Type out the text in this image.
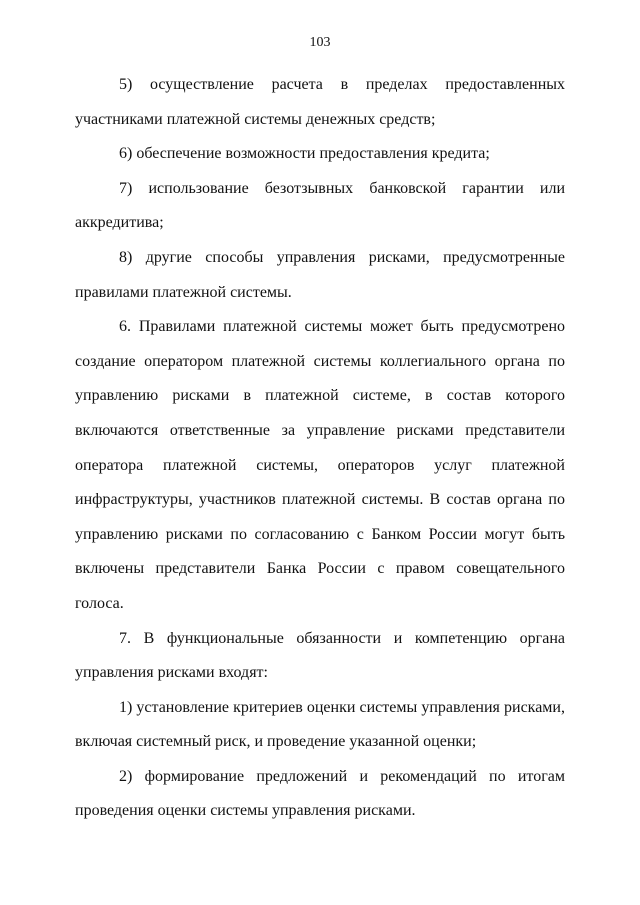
103

5) осуществление расчета в пределах предоставленных участниками платежной системы денежных средств;

6) обеспечение возможности предоставления кредита;

7) использование безотзывных банковской гарантии или аккредитива;

8) другие способы управления рисками, предусмотренные правилами платежной системы.

6. Правилами платежной системы может быть предусмотрено создание оператором платежной системы коллегиального органа по управлению рисками в платежной системе, в состав которого включаются ответственные за управление рисками представители оператора платежной системы, операторов услуг платежной инфраструктуры, участников платежной системы. В состав органа по управлению рисками по согласованию с Банком России могут быть включены представители Банка России с правом совещательного голоса.

7. В функциональные обязанности и компетенцию органа управления рисками входят:

1) установление критериев оценки системы управления рисками, включая системный риск, и проведение указанной оценки;

2) формирование предложений и рекомендаций по итогам проведения оценки системы управления рисками.
